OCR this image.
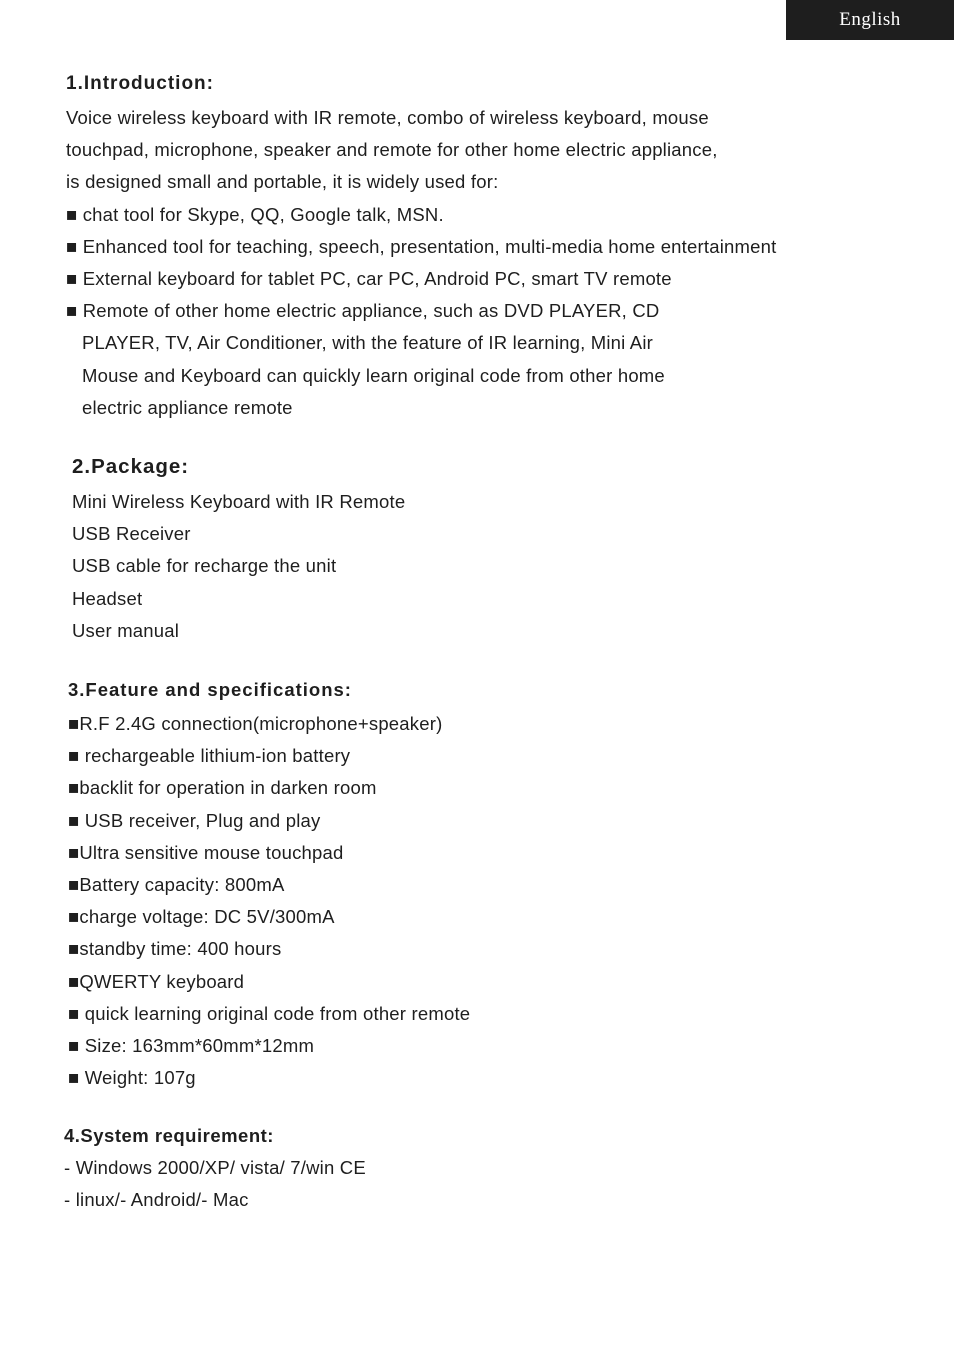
English
1.Introduction:

Voice wireless keyboard with IR remote, combo of wireless keyboard, mouse

touchpad, microphone, speaker and remote for other home electric appliance,

is designed small and portable, it is widely used for:

■ chat tool for Skype, QQ, Google talk, MSN.

■ Enhanced tool for teaching, speech, presentation, multi-media home entertainment

■ External keyboard for tablet PC, car PC, Android PC, smart TV remote

■ Remote of other home electric appliance, such as DVD PLAYER, CD

PLAYER, TV, Air Conditioner, with the feature of IR learning, Mini Air

Mouse and Keyboard can quickly learn original code from other home

electric appliance remote

2.Package:

Mini Wireless Keyboard with IR Remote

USB Receiver

USB cable for recharge the unit

Headset

User manual

3.Feature and specifications:

■R.F 2.4G connection(microphone+speaker)

■ rechargeable lithium-ion battery

■backlit for operation in darken room

■ USB receiver, Plug and play

■Ultra sensitive mouse touchpad

■Battery capacity: 800mA

■charge voltage: DC 5V/300mA

■standby time: 400 hours

■QWERTY keyboard

■ quick learning original code from other remote

■ Size: 163mm*60mm*12mm

■ Weight: 107g

4.System requirement:

- Windows 2000/XP/ vista/ 7/win CE

- linux/- Android/- Mac
